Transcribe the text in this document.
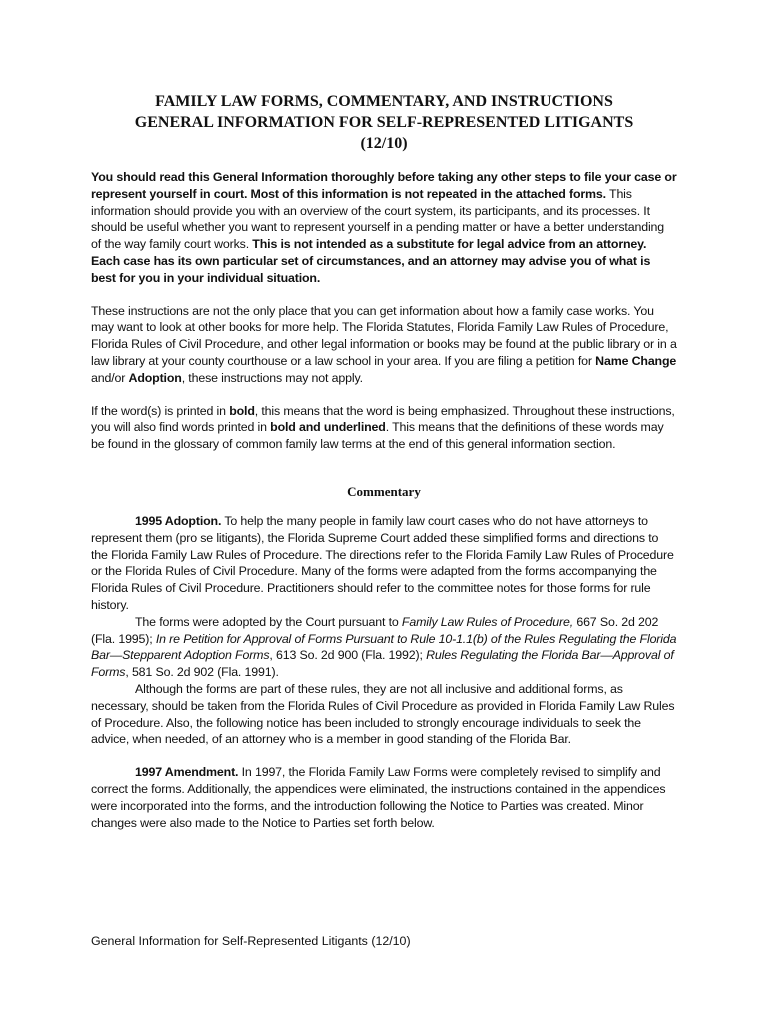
FAMILY LAW FORMS, COMMENTARY, AND INSTRUCTIONS
GENERAL INFORMATION FOR SELF-REPRESENTED LITIGANTS
(12/10)

You should read this General Information thoroughly before taking any other steps to file your case or represent yourself in court. Most of this information is not repeated in the attached forms. This information should provide you with an overview of the court system, its participants, and its processes. It should be useful whether you want to represent yourself in a pending matter or have a better understanding of the way family court works. This is not intended as a substitute for legal advice from an attorney. Each case has its own particular set of circumstances, and an attorney may advise you of what is best for you in your individual situation.

These instructions are not the only place that you can get information about how a family case works. You may want to look at other books for more help. The Florida Statutes, Florida Family Law Rules of Procedure, Florida Rules of Civil Procedure, and other legal information or books may be found at the public library or in a law library at your county courthouse or a law school in your area. If you are filing a petition for Name Change and/or Adoption, these instructions may not apply.

If the word(s) is printed in bold, this means that the word is being emphasized. Throughout these instructions, you will also find words printed in bold and underlined. This means that the definitions of these words may be found in the glossary of common family law terms at the end of this general information section.

Commentary

1995 Adoption. To help the many people in family law court cases who do not have attorneys to represent them (pro se litigants), the Florida Supreme Court added these simplified forms and directions to the Florida Family Law Rules of Procedure. The directions refer to the Florida Family Law Rules of Procedure or the Florida Rules of Civil Procedure. Many of the forms were adapted from the forms accompanying the Florida Rules of Civil Procedure. Practitioners should refer to the committee notes for those forms for rule history.

The forms were adopted by the Court pursuant to Family Law Rules of Procedure, 667 So. 2d 202 (Fla. 1995); In re Petition for Approval of Forms Pursuant to Rule 10-1.1(b) of the Rules Regulating the Florida Bar—Stepparent Adoption Forms, 613 So. 2d 900 (Fla. 1992); Rules Regulating the Florida Bar—Approval of Forms, 581 So. 2d 902 (Fla. 1991).

Although the forms are part of these rules, they are not all inclusive and additional forms, as necessary, should be taken from the Florida Rules of Civil Procedure as provided in Florida Family Law Rules of Procedure. Also, the following notice has been included to strongly encourage individuals to seek the advice, when needed, of an attorney who is a member in good standing of the Florida Bar.

1997 Amendment. In 1997, the Florida Family Law Forms were completely revised to simplify and correct the forms. Additionally, the appendices were eliminated, the instructions contained in the appendices were incorporated into the forms, and the introduction following the Notice to Parties was created. Minor changes were also made to the Notice to Parties set forth below.

General Information for Self-Represented Litigants (12/10)
